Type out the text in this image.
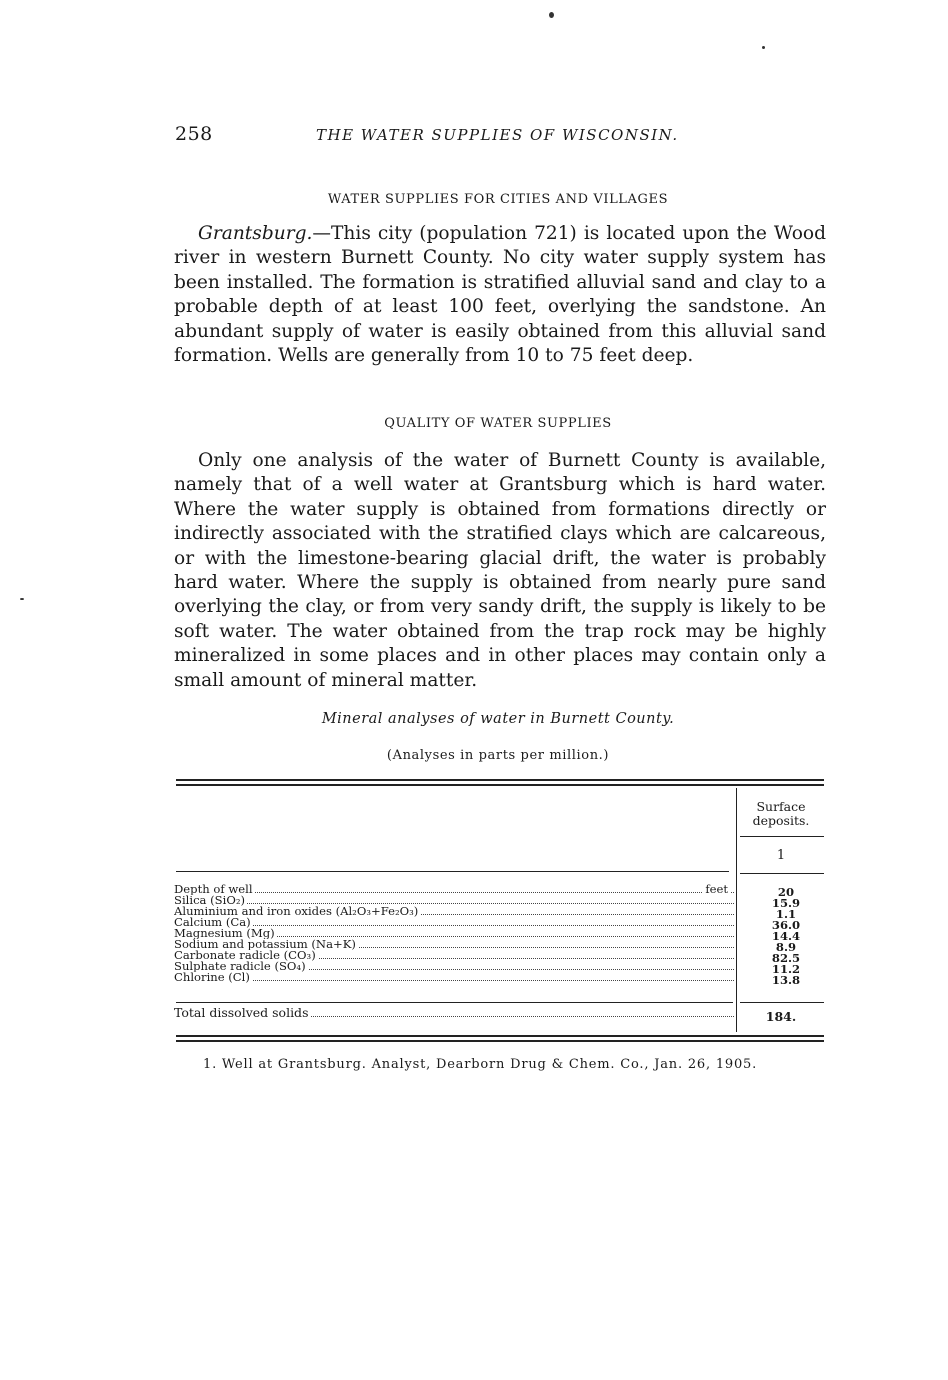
258	THE WATER SUPPLIES OF WISCONSIN.
WATER SUPPLIES FOR CITIES AND VILLAGES

Grantsburg.—This city (population 721) is located upon the Wood river in western Burnett County. No city water supply system has been installed. The formation is stratified alluvial sand and clay to a probable depth of at least 100 feet, overlying the sandstone. An abundant supply of water is easily obtained from this alluvial sand formation. Wells are generally from 10 to 75 feet deep.

QUALITY OF WATER SUPPLIES

Only one analysis of the water of Burnett County is available, namely that of a well water at Grantsburg which is hard water. Where the water supply is obtained from formations directly or indirectly associated with the stratified clays which are calcareous, or with the limestone-bearing glacial drift, the water is probably hard water. Where the supply is obtained from nearly pure sand overlying the clay, or from very sandy drift, the supply is likely to be soft water. The water obtained from the trap rock may be highly mineralized in some places and in other places may contain only a small amount of mineral matter.

Mineral analyses of water in Burnett County.
(Analyses in parts per million.)
Surface
deposits.
1
Depth of well	feet	20
Silica (SiO₂)	15.9
Aluminium and iron oxides (Al₂O₃+Fe₂O₃)	1.1
Calcium (Ca)	36.0
Magnesium (Mg)	14.4
Sodium and potassium (Na+K)	8.9
Carbonate radicle (CO₃)	82.5
Sulphate radicle (SO₄)	11.2
Chlorine (Cl)	13.8
Total dissolved solids	184.
1. Well at Grantsburg. Analyst, Dearborn Drug & Chem. Co., Jan. 26, 1905.
